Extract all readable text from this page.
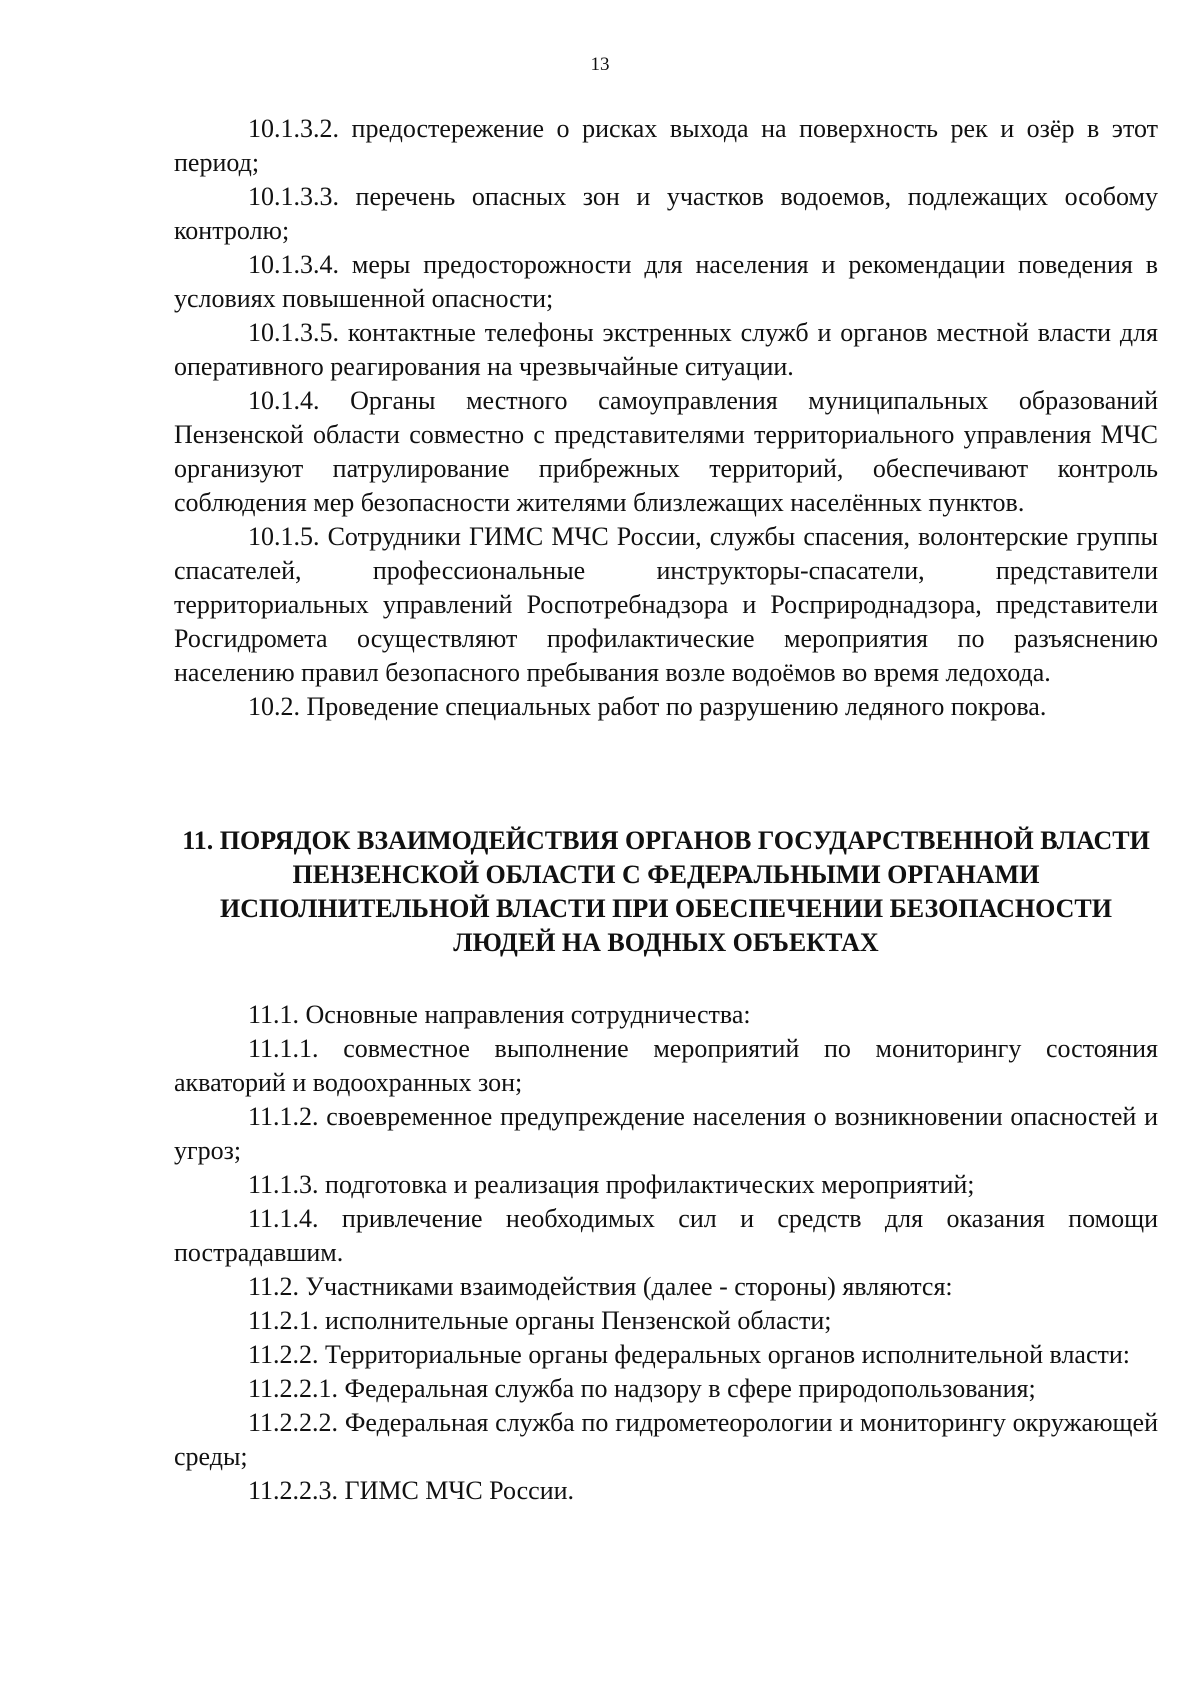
13

10.1.3.2. предостережение о рисках выхода на поверхность рек и озёр в этот период;

10.1.3.3. перечень опасных зон и участков водоемов, подлежащих особому контролю;

10.1.3.4. меры предосторожности для населения и рекомендации поведения в условиях повышенной опасности;

10.1.3.5. контактные телефоны экстренных служб и органов местной власти для оперативного реагирования на чрезвычайные ситуации.

10.1.4. Органы местного самоуправления муниципальных образований Пензенской области совместно с представителями территориального управления МЧС организуют патрулирование прибрежных территорий, обеспечивают контроль соблюдения мер безопасности жителями близлежащих населённых пунктов.

10.1.5. Сотрудники ГИМС МЧС России, службы спасения, волонтерские группы спасателей, профессиональные инструкторы-спасатели, представители территориальных управлений Роспотребнадзора и Росприроднадзора, представители Росгидромета осуществляют профилактические мероприятия по разъяснению населению правил безопасного пребывания возле водоёмов во время ледохода.

10.2. Проведение специальных работ по разрушению ледяного покрова.

11. ПОРЯДОК ВЗАИМОДЕЙСТВИЯ ОРГАНОВ ГОСУДАРСТВЕННОЙ ВЛАСТИ ПЕНЗЕНСКОЙ ОБЛАСТИ С ФЕДЕРАЛЬНЫМИ ОРГАНАМИ ИСПОЛНИТЕЛЬНОЙ ВЛАСТИ ПРИ ОБЕСПЕЧЕНИИ БЕЗОПАСНОСТИ ЛЮДЕЙ НА ВОДНЫХ ОБЪЕКТАХ

11.1. Основные направления сотрудничества:

11.1.1. совместное выполнение мероприятий по мониторингу состояния акваторий и водоохранных зон;

11.1.2. своевременное предупреждение населения о возникновении опасностей и угроз;

11.1.3. подготовка и реализация профилактических мероприятий;

11.1.4. привлечение необходимых сил и средств для оказания помощи пострадавшим.

11.2. Участниками взаимодействия (далее - стороны) являются:

11.2.1. исполнительные органы Пензенской области;

11.2.2. Территориальные органы федеральных органов исполнительной власти:

11.2.2.1. Федеральная служба по надзору в сфере природопользования;

11.2.2.2. Федеральная служба по гидрометеорологии и мониторингу окружающей среды;

11.2.2.3. ГИМС МЧС России.
